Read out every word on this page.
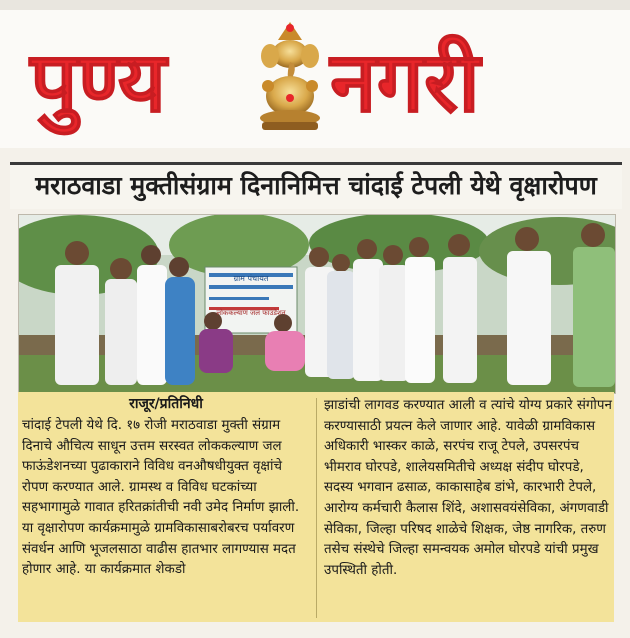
पुण्य नगरी
मराठवाडा मुक्तीसंग्राम दिनानिमित्त चांदाई टेपली येथे वृक्षारोपण
ग्राम पंचायत
लोककल्याण जल फाउंडेशन
राजूर/प्रतिनिधी

चांदाई टेपली येथे दि. १७ रोजी मराठवाडा मुक्ती संग्राम दिनाचे औचित्य साधून उत्तम सरस्वत लोककल्याण जल फाऊंडेशनच्या पुढाकाराने विविध वनऔषधीयुक्त वृक्षांचे रोपण करण्यात आले. ग्रामस्थ व विविध घटकांच्या सहभागामुळे गावात हरितक्रांतीची नवी उमेद निर्माण झाली. या वृक्षारोपण कार्यक्रमामुळे ग्रामविकासाबरोबरच पर्यावरण संवर्धन आणि भूजलसाठा वाढीस हातभार लागण्यास मदत होणार आहे. या कार्यक्रमात शेकडो

झाडांची लागवड करण्यात आली व त्यांचे योग्य प्रकारे संगोपन करण्यासाठी प्रयत्न केले जाणार आहे. यावेळी ग्रामविकास अधिकारी भास्कर काळे, सरपंच राजू टेपले, उपसरपंच भीमराव घोरपडे, शालेयसमितीचे अध्यक्ष संदीप घोरपडे, सदस्य भगवान ढसाळ, काकासाहेब डांभे, कारभारी टेपले, आरोग्य कर्मचारी कैलास शिंदे, अशासवयंसेविका, अंगणवाडी सेविका, जिल्हा परिषद शाळेचे शिक्षक, जेष्ठ नागरिक, तरुण तसेच संस्थेचे जिल्हा समन्वयक अमोल घोरपडे यांची प्रमुख उपस्थिती होती.
